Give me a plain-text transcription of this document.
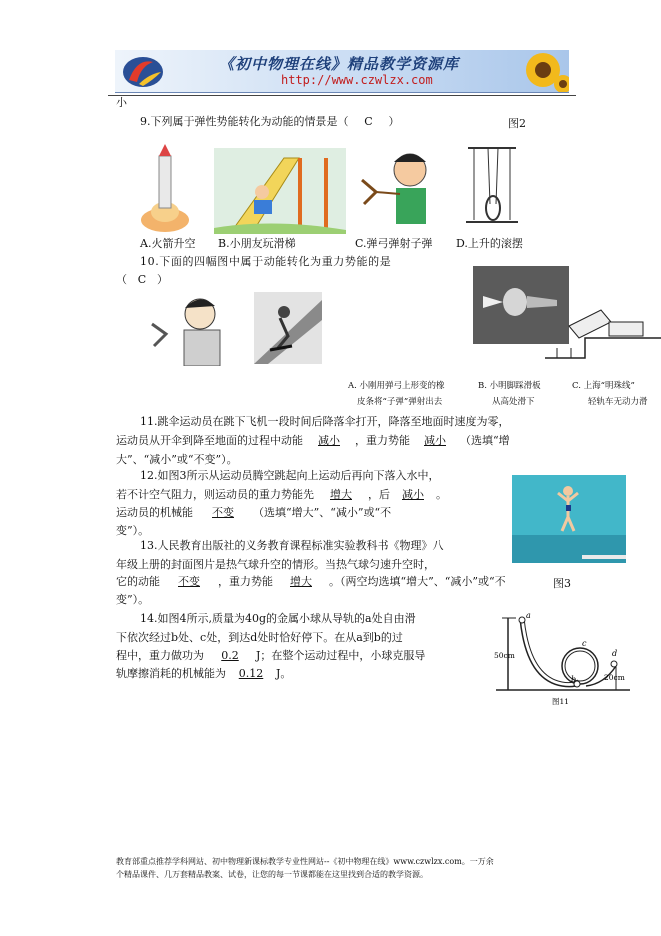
《初中物理在线》精品教学资源库
http://www.czwlzx.com
小
9.下列属于弹性势能转化为动能的情景是（ C ）	图2
A.火箭升空 B.小朋友玩滑梯	C.弹弓弹射子弹 D.上升的滚摆
10.下面的四幅图中属于动能转化为重力势能的是
（ C ）
A. 小刚用弹弓上形变的橡
皮条将“子弹”弹射出去
B. 小明脚踩滑板
从高处滑下
C. 上海“明珠线”
轻轨车无动力滑
11.跳伞运动员在跳下飞机一段时间后降落伞打开，降落至地面时速度为零，
运动员从开伞到降至地面的过程中动能 减小 ，重力势能 减小 （选填“增
大”、“减小”或“不变”）。
12.如图3所示从运动员腾空跳起向上运动后再向下落入水中，
若不计空气阻力，则运动员的重力势能先 增大 ，后 减小 。
运动员的机械能 不变 （选填“增大”、“减小”或“不
变”）。
13.人民教育出版社的义务教育课程标准实验教科书《物理》八
年级上册的封面图片是热气球升空的情形。当热气球匀速升空时，
它的动能 不变 ，重力势能 增大 。（两空均选填“增大”、“减小”或“不	图3
变”）。
14.如图4所示,质量为40g的金属小球从导轨的a处自由滑
下依次经过b处、c处，到达d处时恰好停下。在从a到b的过
程中，重力做功为 0.2 J；在整个运动过程中，小球克服导
轨摩擦消耗的机械能为 0.12 J。
a
b
c
d
50cm
20cm
图11
教育部重点推荐学科网站、初中物理新课标教学专业性网站--《初中物理在线》www.czwlzx.com。一万余
个精品课件、几万套精品教案、试卷，让您的每一节课都能在这里找到合适的教学资源。
